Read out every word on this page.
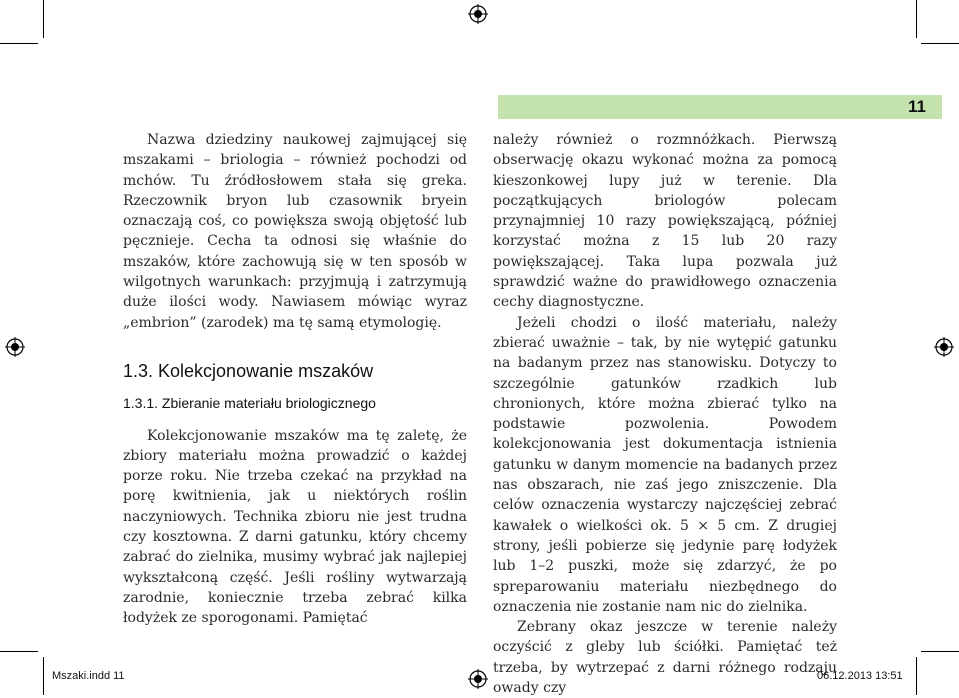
11

Nazwa dziedziny naukowej zajmującej się mszakami – briologia – również pochodzi od mchów. Tu źródłosłowem stała się greka. Rzeczownik bryon lub czasownik bryein oznaczają coś, co powiększa swoją objętość lub pęcznieje. Cecha ta odnosi się właśnie do mszaków, które zachowują się w ten sposób w wilgotnych warunkach: przyjmują i zatrzymują duże ilości wody. Nawiasem mówiąc wyraz „embrion” (zarodek) ma tę samą etymologię.

1.3. Kolekcjonowanie mszaków
1.3.1. Zbieranie materiału briologicznego

Kolekcjonowanie mszaków ma tę zaletę, że zbiory materiału można prowadzić o każdej porze roku. Nie trzeba czekać na przykład na porę kwitnienia, jak u niektórych roślin naczyniowych. Technika zbioru nie jest trudna czy kosztowna. Z darni gatunku, który chcemy zabrać do zielnika, musimy wybrać jak najlepiej wykształconą część. Jeśli rośliny wytwarzają zarodnie, koniecznie trzeba zebrać kilka łodyżek ze sporogonami. Pamiętać

należy również o rozmnóżkach. Pierwszą obserwację okazu wykonać można za pomocą kieszonkowej lupy już w terenie. Dla początkujących briologów polecam przynajmniej 10 razy powiększającą, później korzystać można z 15 lub 20 razy powiększającej. Taka lupa pozwala już sprawdzić ważne do prawidłowego oznaczenia cechy diagnostyczne.

Jeżeli chodzi o ilość materiału, należy zbierać uważnie – tak, by nie wytępić gatunku na badanym przez nas stanowisku. Dotyczy to szczególnie gatunków rzadkich lub chronionych, które można zbierać tylko na podstawie pozwolenia. Powodem kolekcjonowania jest dokumentacja istnienia gatunku w danym momencie na badanych przez nas obszarach, nie zaś jego zniszczenie. Dla celów oznaczenia wystarczy najczęściej zebrać kawałek o wielkości ok. 5 × 5 cm. Z drugiej strony, jeśli pobierze się jedynie parę łodyżek lub 1–2 puszki, może się zdarzyć, że po spreparowaniu materiału niezbędnego do oznaczenia nie zostanie nam nic do zielnika.

Zebrany okaz jeszcze w terenie należy oczyścić z gleby lub ściółki. Pamiętać też trzeba, by wytrzepać z darni różnego rodzaju owady czy

Mszaki.indd 11	06.12.2013 13:51
